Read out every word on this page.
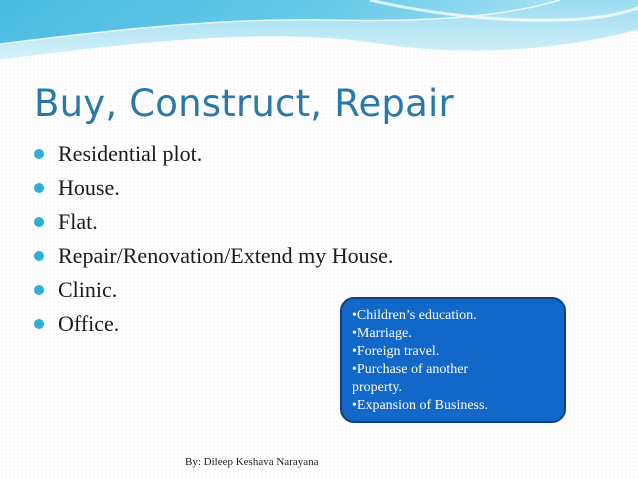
Buy, Construct, Repair
Residential plot.
House.
Flat.
Repair/Renovation/Extend my House.
Clinic.
Office.	•Children’s education.
•Marriage.
•Foreign travel.
•Purchase of another
property.
•Expansion of Business.
By: Dileep Keshava Narayana
